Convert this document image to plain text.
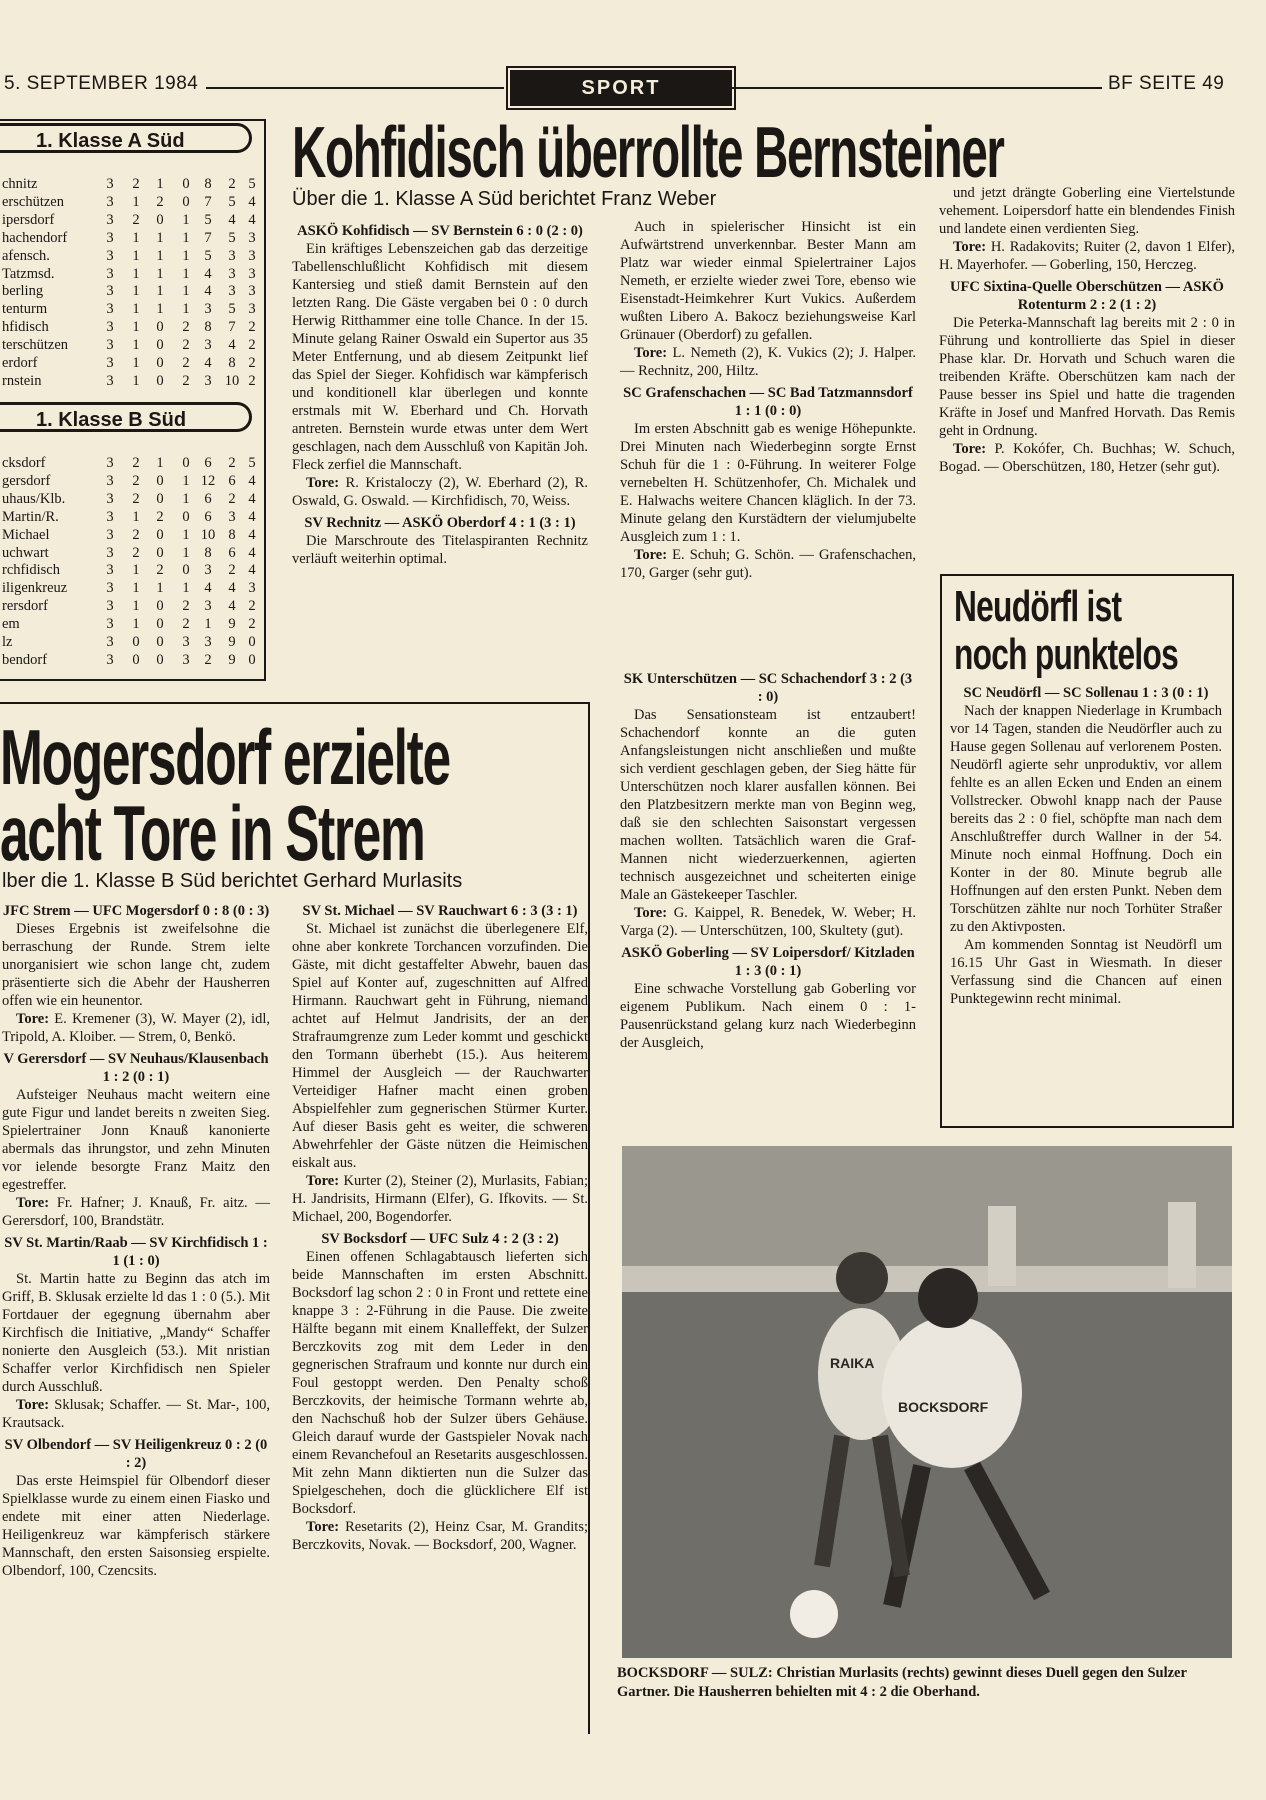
5. SEPTEMBER 1984	SPORT	BF SEITE 49
1. Klasse A Süd
chnitz	3	2	1	0	8	2 5
erschützen	3	1	2	0	7	5 4
ipersdorf	3	2	0	1	5	4 4
hachendorf	3	1	1	1	7	5 3
afensch.	3	1	1	1	5	3 3
Tatzmsd.	3	1	1	1	4	3 3
berling	3	1	1	1	4	3 3
tenturm	3	1	1	1	3	5 3
hfidisch	3	1	0	2	8	7 2
terschützen	3	1	0	2	3	4 2
erdorf	3	1	0	2	4	8 2
rnstein	3	1	0	2	3 10 2
1. Klasse B Süd
cksdorf	3	2	1	0	6	2 5
gersdorf	3	2	0	1 12 6 4
uhaus/Klb.	3	2	0	1	6	2 4
Martin/R.	3	1	2	0	6	3 4
Michael	3	2	0	1 10 8 4
uchwart	3	2	0	1	8	6 4
rchfidisch	3	1	2	0	3	2 4
iligenkreuz	3	1	1	1	4	4 3
rersdorf	3	1	0	2	3	4 2
em	3	1	0	2	1	9 2
lz	3	0	0	3	3	9 0
bendorf	3	0	0	3	2	9 0
Kohfidisch überrollte Bernsteiner
Über die 1. Klasse A Süd berichtet Franz Weber

ASKÖ Kohfidisch — SV Bernstein 6 : 0 (2 : 0)

Ein kräftiges Lebenszeichen gab das derzeitige Tabellenschlußlicht Kohfidisch mit diesem Kantersieg und stieß damit Bernstein auf den letzten Rang. Die Gäste vergaben bei 0 : 0 durch Herwig Ritthammer eine tolle Chance. In der 15. Minute gelang Rainer Oswald ein Supertor aus 35 Meter Entfernung, und ab diesem Zeitpunkt lief das Spiel der Sieger. Kohfidisch war kämpferisch und konditionell klar überlegen und konnte erstmals mit W. Eberhard und Ch. Horvath antreten. Bernstein wurde etwas unter dem Wert geschlagen, nach dem Ausschluß von Kapitän Joh. Fleck zerfiel die Mannschaft.

Tore: R. Kristaloczy (2), W. Eberhard (2), R. Oswald, G. Oswald. — Kirchfidisch, 70, Weiss.

SV Rechnitz — ASKÖ Oberdorf 4 : 1 (3 : 1)

Die Marschroute des Titelaspiranten Rechnitz verläuft weiterhin optimal.

Auch in spielerischer Hinsicht ist ein Aufwärtstrend unverkennbar. Bester Mann am Platz war wieder einmal Spielertrainer Lajos Nemeth, er erzielte wieder zwei Tore, ebenso wie Eisenstadt-Heimkehrer Kurt Vukics. Außerdem wußten Libero A. Bakocz beziehungsweise Karl Grünauer (Oberdorf) zu gefallen.

Tore: L. Nemeth (2), K. Vukics (2); J. Halper. — Rechnitz, 200, Hiltz.

SC Grafenschachen — SC Bad Tatzmannsdorf 1 : 1 (0 : 0)

Im ersten Abschnitt gab es wenige Höhepunkte. Drei Minuten nach Wiederbeginn sorgte Ernst Schuh für die 1 : 0-Führung. In weiterer Folge vernebelten H. Schützenhofer, Ch. Michalek und E. Halwachs weitere Chancen kläglich. In der 73. Minute gelang den Kurstädtern der vielumjubelte Ausgleich zum 1 : 1.

Tore: E. Schuh; G. Schön. — Grafenschachen, 170, Garger (sehr gut).

und jetzt drängte Goberling eine Viertelstunde vehement. Loipersdorf hatte ein blendendes Finish und landete einen verdienten Sieg.

Tore: H. Radakovits; Ruiter (2, davon 1 Elfer), H. Mayerhofer. — Goberling, 150, Herczeg.

UFC Sixtina-Quelle Oberschützen — ASKÖ Rotenturm 2 : 2 (1 : 2)

Die Peterka-Mannschaft lag bereits mit 2 : 0 in Führung und kontrollierte das Spiel in dieser Phase klar. Dr. Horvath und Schuch waren die treibenden Kräfte. Oberschützen kam nach der Pause besser ins Spiel und hatte die tragenden Kräfte in Josef und Manfred Horvath. Das Remis geht in Ordnung.

Tore: P. Kokófer, Ch. Buchhas; W. Schuch, Bogad. — Oberschützen, 180, Hetzer (sehr gut).

Mogersdorf erzielte
acht Tore in Strem
lber die 1. Klasse B Süd berichtet Gerhard Murlasits

JFC Strem — UFC Mogersdorf 0 : 8 (0 : 3)

Dieses Ergebnis ist zweifelsohne die berraschung der Runde. Strem ielte unorganisiert wie schon lange cht, zudem präsentierte sich die Abehr der Hausherren offen wie ein heunentor.

Tore: E. Kremener (3), W. Mayer (2), idl, Tripold, A. Kloiber. — Strem, 0, Benkö.

V Gerersdorf — SV Neuhaus/Klausenbach 1 : 2 (0 : 1)

Aufsteiger Neuhaus macht weitern eine gute Figur und landet bereits n zweiten Sieg. Spielertrainer Jonn Knauß kanonierte abermals das ihrungstor, und zehn Minuten vor ielende besorgte Franz Maitz den egestreffer.

Tore: Fr. Hafner; J. Knauß, Fr. aitz. — Gerersdorf, 100, Brandstätr.

SV St. Martin/Raab — SV Kirchfidisch 1 : 1 (1 : 0)

St. Martin hatte zu Beginn das atch im Griff, B. Sklusak erzielte ld das 1 : 0 (5.). Mit Fortdauer der egegnung übernahm aber Kirchfisch die Initiative, „Mandy“ Schaffer nonierte den Ausgleich (53.). Mit nristian Schaffer verlor Kirchfidisch nen Spieler durch Ausschluß.

Tore: Sklusak; Schaffer. — St. Mar-, 100, Krautsack.

SV Olbendorf — SV Heiligenkreuz 0 : 2 (0 : 2)

Das erste Heimspiel für Olbendorf dieser Spielklasse wurde zu einem einen Fiasko und endete mit einer atten Niederlage. Heiligenkreuz war kämpferisch stärkere Mannschaft, den ersten Saisonsieg erspielte. Olbendorf, 100, Czencsits.

SV St. Michael — SV Rauchwart 6 : 3 (3 : 1)

St. Michael ist zunächst die überlegenere Elf, ohne aber konkrete Torchancen vorzufinden. Die Gäste, mit dicht gestaffelter Abwehr, bauen das Spiel auf Konter auf, zugeschnitten auf Alfred Hirmann. Rauchwart geht in Führung, niemand achtet auf Helmut Jandrisits, der an der Strafraumgrenze zum Leder kommt und geschickt den Tormann überhebt (15.). Aus heiterem Himmel der Ausgleich — der Rauchwarter Verteidiger Hafner macht einen groben Abspielfehler zum gegnerischen Stürmer Kurter. Auf dieser Basis geht es weiter, die schweren Abwehrfehler der Gäste nützen die Heimischen eiskalt aus.

Tore: Kurter (2), Steiner (2), Murlasits, Fabian; H. Jandrisits, Hirmann (Elfer), G. Ifkovits. — St. Michael, 200, Bogendorfer.

SV Bocksdorf — UFC Sulz 4 : 2 (3 : 2)

Einen offenen Schlagabtausch lieferten sich beide Mannschaften im ersten Abschnitt. Bocksdorf lag schon 2 : 0 in Front und rettete eine knappe 3 : 2-Führung in die Pause. Die zweite Hälfte begann mit einem Knalleffekt, der Sulzer Berczkovits zog mit dem Leder in den gegnerischen Strafraum und konnte nur durch ein Foul gestoppt werden. Den Penalty schoß Berczkovits, der heimische Tormann wehrte ab, den Nachschuß hob der Sulzer übers Gehäuse. Gleich darauf wurde der Gastspieler Novak nach einem Revanchefoul an Resetarits ausgeschlossen. Mit zehn Mann diktierten nun die Sulzer das Spielgeschehen, doch die glücklichere Elf ist Bocksdorf.

Tore: Resetarits (2), Heinz Csar, M. Grandits; Berczkovits, Novak. — Bocksdorf, 200, Wagner.

SK Unterschützen — SC Schachendorf 3 : 2 (3 : 0)

Das Sensationsteam ist entzaubert! Schachendorf konnte an die guten Anfangsleistungen nicht anschließen und mußte sich verdient geschlagen geben, der Sieg hätte für Unterschützen noch klarer ausfallen können. Bei den Platzbesitzern merkte man von Beginn weg, daß sie den schlechten Saisonstart vergessen machen wollten. Tatsächlich waren die Graf-Mannen nicht wiederzuerkennen, agierten technisch ausgezeichnet und scheiterten einige Male an Gästekeeper Taschler.

Tore: G. Kaippel, R. Benedek, W. Weber; H. Varga (2). — Unterschützen, 100, Skultety (gut).

ASKÖ Goberling — SV Loipersdorf/ Kitzladen 1 : 3 (0 : 1)

Eine schwache Vorstellung gab Goberling vor eigenem Publikum. Nach einem 0 : 1-Pausenrückstand gelang kurz nach Wiederbeginn der Ausgleich,

Neudörfl ist
noch punktelos

SC Neudörfl — SC Sollenau 1 : 3 (0 : 1)

Nach der knappen Niederlage in Krumbach vor 14 Tagen, standen die Neudörfler auch zu Hause gegen Sollenau auf verlorenem Posten. Neudörfl agierte sehr unproduktiv, vor allem fehlte es an allen Ecken und Enden an einem Vollstrecker. Obwohl knapp nach der Pause bereits das 2 : 0 fiel, schöpfte man nach dem Anschlußtreffer durch Wallner in der 54. Minute noch einmal Hoffnung. Doch ein Konter in der 80. Minute begrub alle Hoffnungen auf den ersten Punkt. Neben dem Torschützen zählte nur noch Torhüter Straßer zu den Aktivposten.

Am kommenden Sonntag ist Neudörfl um 16.15 Uhr Gast in Wiesmath. In dieser Verfassung sind die Chancen auf einen Punktegewinn recht minimal.

RAIKA
BOCKSDORF
BOCKSDORF — SULZ: Christian Murlasits (rechts) gewinnt dieses Duell gegen den Sulzer Gartner. Die Hausherren behielten mit 4 : 2 die Oberhand.
